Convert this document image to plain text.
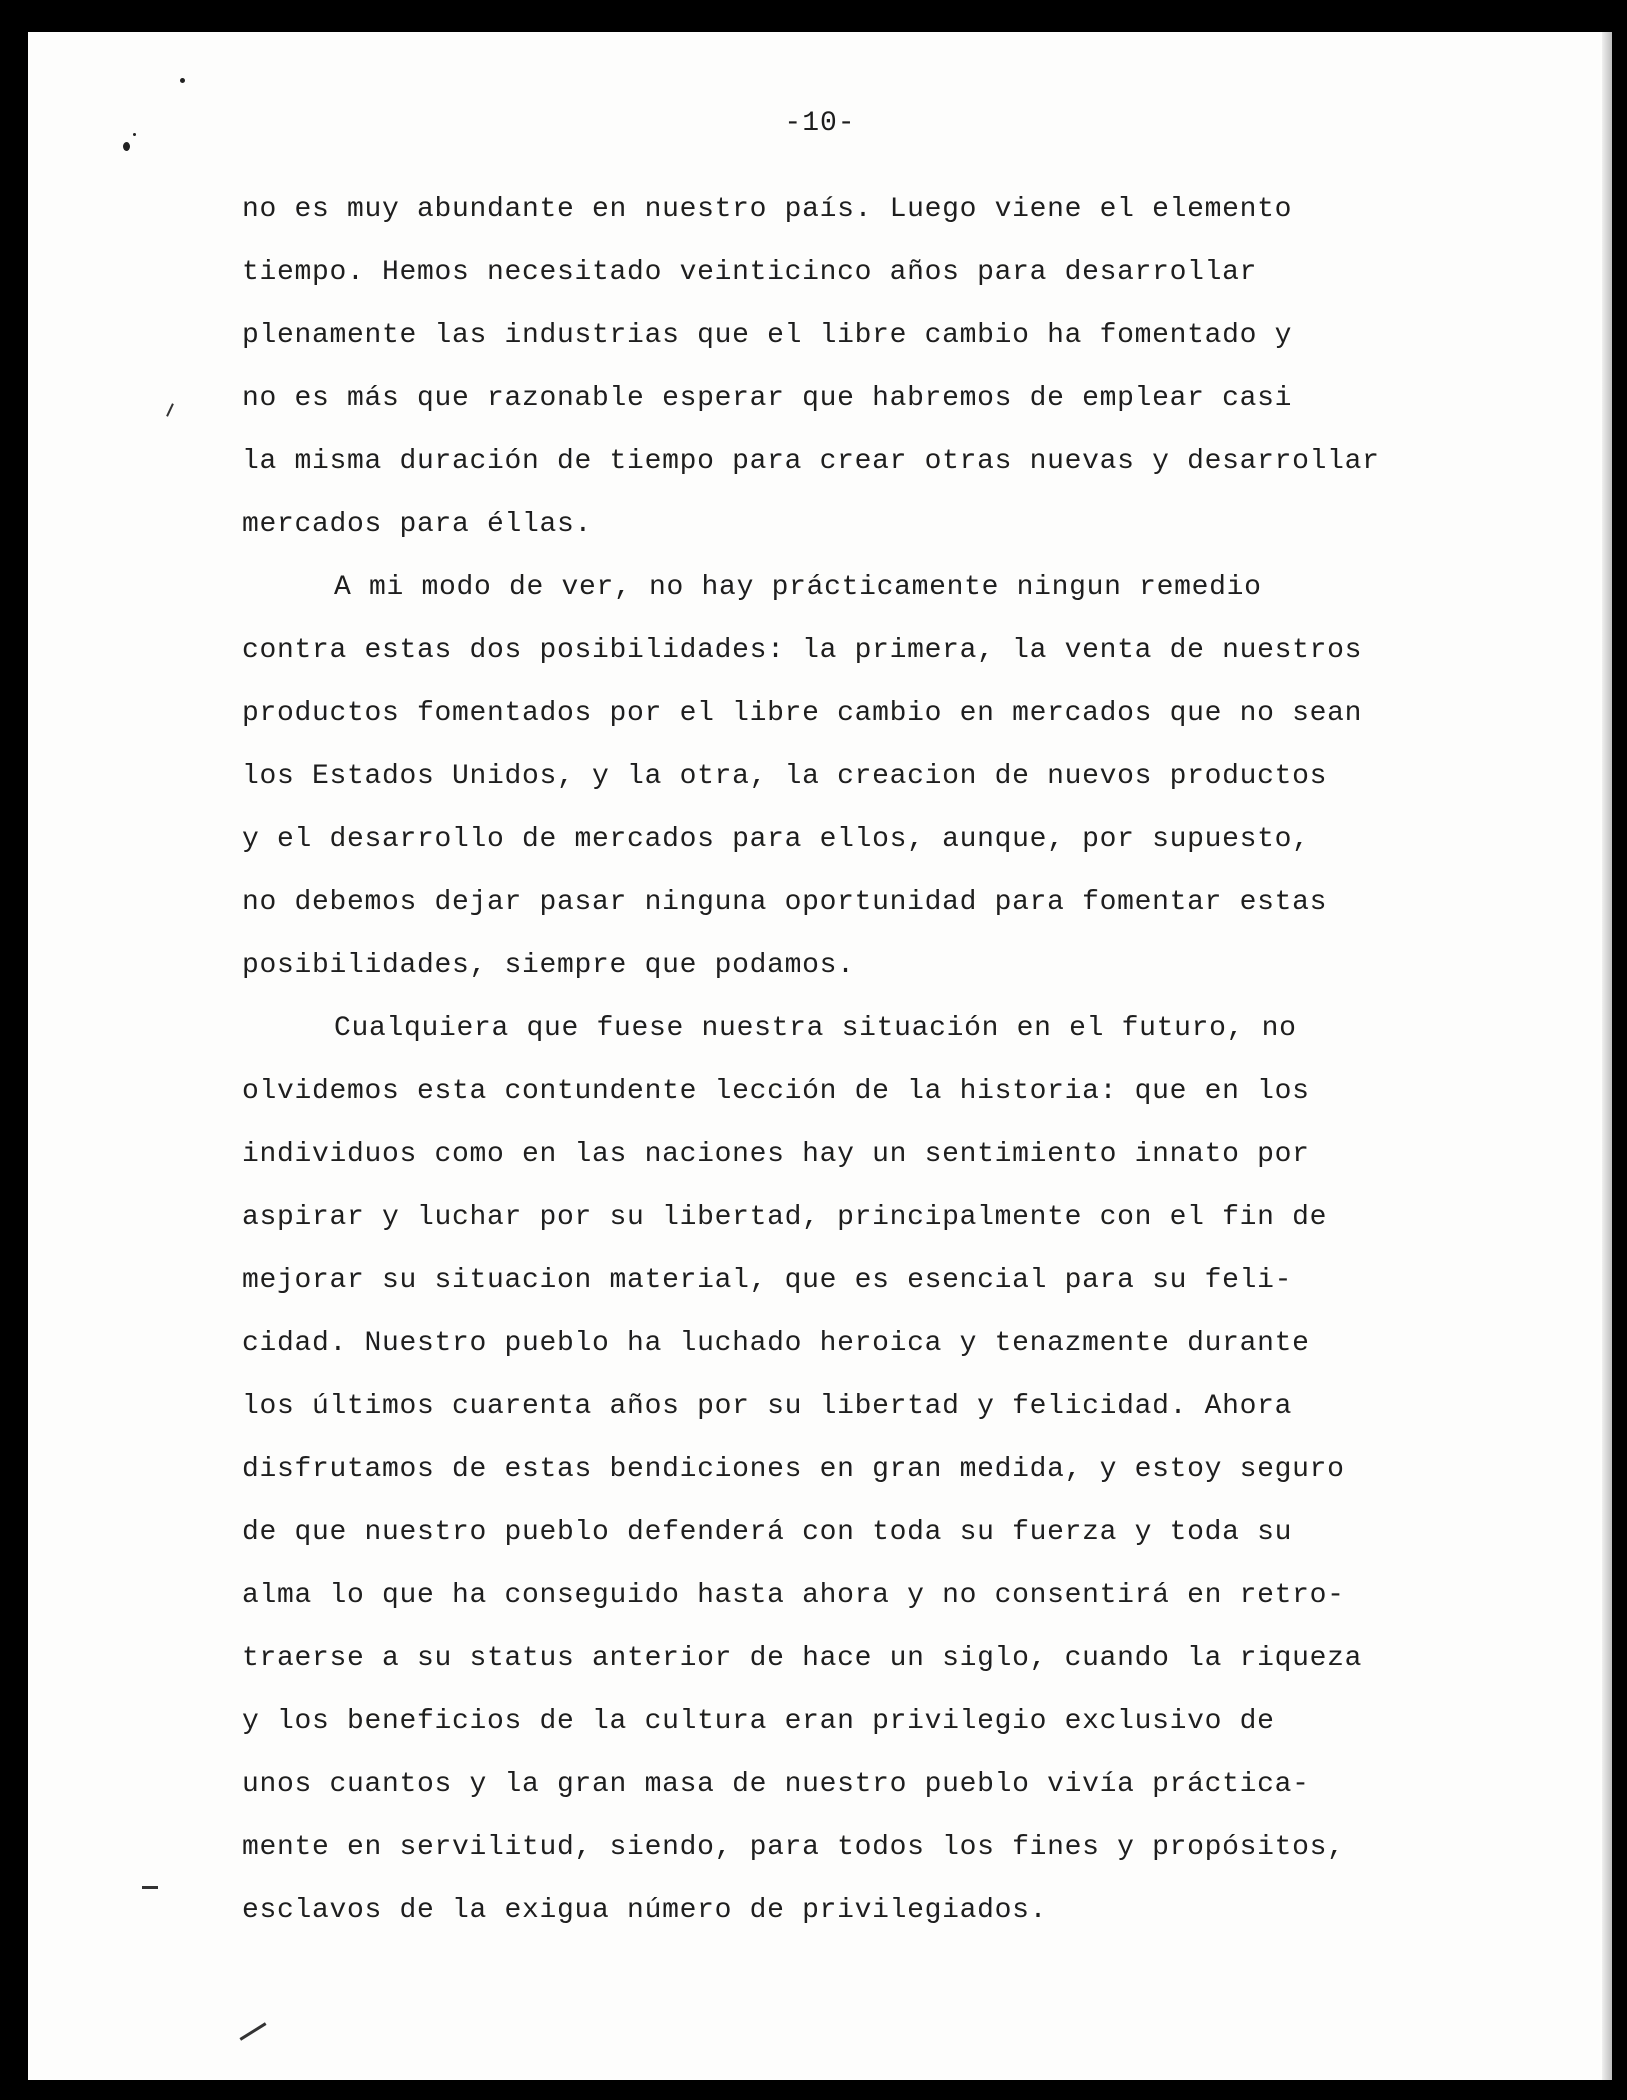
-10-

no es muy abundante en nuestro país. Luego viene el elemento
tiempo. Hemos necesitado veinticinco años para desarrollar
plenamente las industrias que el libre cambio ha fomentado y
no es más que razonable esperar que habremos de emplear casi
la misma duración de tiempo para crear otras nuevas y desarrollar
mercados para éllas.
A mi modo de ver, no hay prácticamente ningun remedio
contra estas dos posibilidades: la primera, la venta de nuestros
productos fomentados por el libre cambio en mercados que no sean
los Estados Unidos, y la otra, la creacion de nuevos productos
y el desarrollo de mercados para ellos, aunque, por supuesto,
no debemos dejar pasar ninguna oportunidad para fomentar estas
posibilidades, siempre que podamos.
Cualquiera que fuese nuestra situación en el futuro, no
olvidemos esta contundente lección de la historia: que en los
individuos como en las naciones hay un sentimiento innato por
aspirar y luchar por su libertad, principalmente con el fin de
mejorar su situacion material, que es esencial para su feli-
cidad. Nuestro pueblo ha luchado heroica y tenazmente durante
los últimos cuarenta años por su libertad y felicidad. Ahora
disfrutamos de estas bendiciones en gran medida, y estoy seguro
de que nuestro pueblo defenderá con toda su fuerza y toda su
alma lo que ha conseguido hasta ahora y no consentirá en retro-
traerse a su status anterior de hace un siglo, cuando la riqueza
y los beneficios de la cultura eran privilegio exclusivo de
unos cuantos y la gran masa de nuestro pueblo vivía práctica-
mente en servilitud, siendo, para todos los fines y propósitos,
esclavos de la exigua número de privilegiados.
